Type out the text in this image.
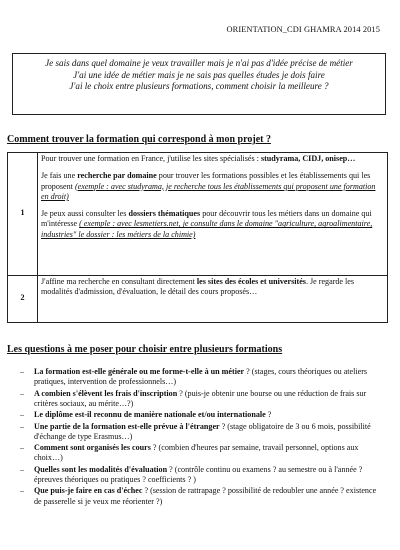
ORIENTATION_CDI GHAMRA 2014 2015
Je sais dans quel domaine je veux travailler mais je n'ai pas d'idée précise de métier
J'ai une idée de métier mais je ne sais pas quelles études je dois faire
J'ai le choix entre plusieurs formations, comment choisir la meilleure ?
Comment trouver la formation qui correspond à mon projet ?
1	Pour trouver une formation en France, j'utilise les sites spécialisés : studyrama, CIDJ, onisep…
Je fais une recherche par domaine pour trouver les formations possibles et les établissements qui les proposent (exemple : avec studyrama, je recherche tous les établissements qui proposent une formation en droit)
Je peux aussi consulter les dossiers thématiques pour découvrir tous les métiers dans un domaine qui m'intéresse ( exemple : avec lesmetiers.net, je consulte dans le domaine "agriculture, agroalimentaire, industries" le dossier : les métiers de la chimie)

2	J'affine ma recherche en consultant directement les sites des écoles et universités. Je regarde les modalités d'admission, d'évaluation, le détail des cours proposés…
Les questions à me poser pour choisir entre plusieurs formations
– La formation est-elle générale ou me forme-t-elle à un métier ? (stages, cours théoriques ou ateliers pratiques, intervention de professionnels…)
– A combien s'élèvent les frais d'inscription ? (puis-je obtenir une bourse ou une réduction de frais sur critères sociaux, au mérite…?)
– Le diplôme est-il reconnu de manière nationale et/ou internationale ?
– Une partie de la formation est-elle prévue à l'étranger ? (stage obligatoire de 3 ou 6 mois, possibilité d'échange de type Erasmus…)
– Comment sont organisés les cours ? (combien d'heures par semaine, travail personnel, options aux choix…)
– Quelles sont les modalités d'évaluation ? (contrôle continu ou examens ? au semestre ou à l'année ? épreuves théoriques ou pratiques ? coefficients ? )
– Que puis-je faire en cas d'échec ? (session de rattrapage ? possibilité de redoubler une année ? existence de passerelle si je veux me réorienter ?)
